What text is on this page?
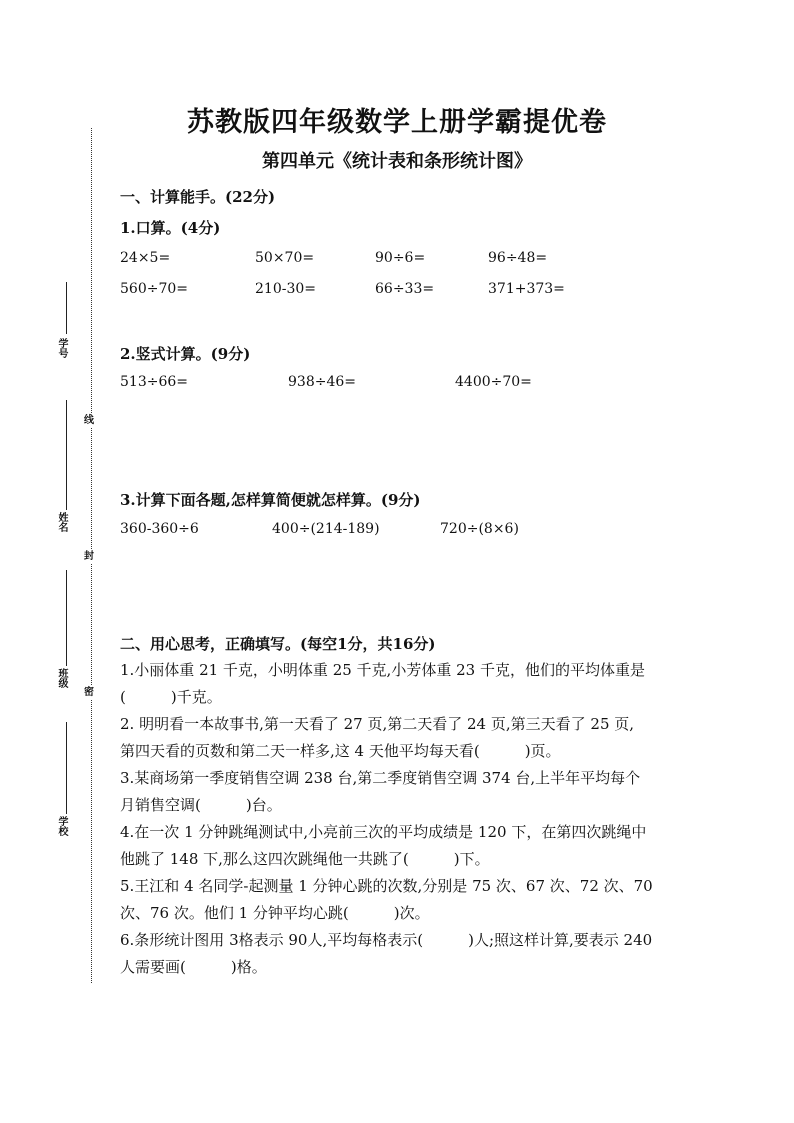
线
封
密
学号
姓名
班级
学校
苏教版四年级数学上册学霸提优卷
第四单元《统计表和条形统计图》
一、计算能手。(22分)
1.口算。(4分)
24×5=	50×70=	90÷6=	96÷48=
560÷70=	210-30=	66÷33=	371+373=
2.竖式计算。(9分)
513÷66=	938÷46=	4400÷70=
3.计算下面各题,怎样算简便就怎样算。(9分)
360-360÷6	400÷(214-189)	720÷(8×6)
二、用心思考，正确填写。(每空1分，共16分)

1.小丽体重 21 千克，小明体重 25 千克,小芳体重 23 千克，他们的平均体重是

(　　　)千克。

2. 明明看一本故事书,第一天看了 27 页,第二天看了 24 页,第三天看了 25 页,

第四天看的页数和第二天一样多,这 4 天他平均每天看(　　　)页。

3.某商场第一季度销售空调 238 台,第二季度销售空调 374 台,上半年平均每个

月销售空调(　　　)台。

4.在一次 1 分钟跳绳测试中,小亮前三次的平均成绩是 120 下，在第四次跳绳中

他跳了 148 下,那么这四次跳绳他一共跳了(　　　)下。

5.王江和 4 名同学-起测量 1 分钟心跳的次数,分别是 75 次、67 次、72 次、70

次、76 次。他们 1 分钟平均心跳(　　　)次。

6.条形统计图用 3格表示 90人,平均每格表示(　　　)人;照这样计算,要表示 240

人需要画(　　　)格。
